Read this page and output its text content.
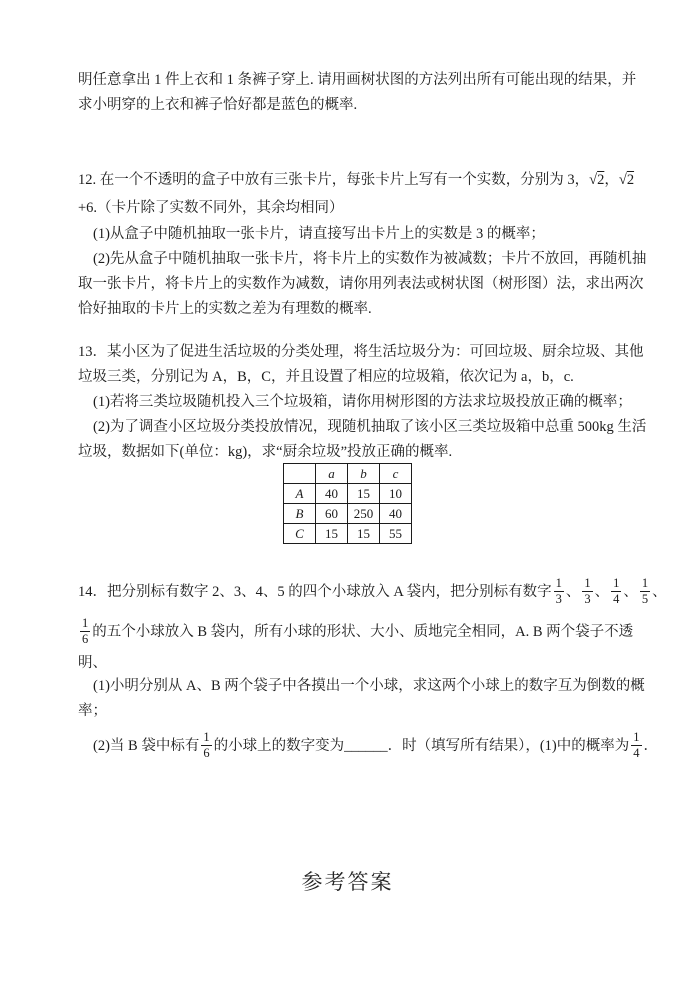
明任意拿出 1 件上衣和 1 条裤子穿上. 请用画树状图的方法列出所有可能出现的结果，并
求小明穿的上衣和裤子恰好都是蓝色的概率.
12. 在一个不透明的盒子中放有三张卡片，每张卡片上写有一个实数，分别为 3，√2，√2
+6.（卡片除了实数不同外，其余均相同）
(1)从盒子中随机抽取一张卡片，请直接写出卡片上的实数是 3 的概率；
(2)先从盒子中随机抽取一张卡片，将卡片上的实数作为被减数；卡片不放回，再随机抽
取一张卡片，将卡片上的实数作为减数，请你用列表法或树状图（树形图）法，求出两次
恰好抽取的卡片上的实数之差为有理数的概率.
13．某小区为了促进生活垃圾的分类处理，将生活垃圾分为：可回垃圾、厨余垃圾、其他
垃圾三类，分别记为 A，B，C，并且设置了相应的垃圾箱，依次记为 a，b，c.
(1)若将三类垃圾随机投入三个垃圾箱，请你用树形图的方法求垃圾投放正确的概率；
(2)为了调查小区垃圾分类投放情况，现随机抽取了该小区三类垃圾箱中总重 500kg 生活
垃圾，数据如下(单位：kg)，求“厨余垃圾”投放正确的概率.
	a	b	c
A	40	15	10
B	60	250	40
C	15	15	55
14．把分别标有数字 2、3、4、5 的四个小球放入 A 袋内，把分别标有数字 $\frac{1}{3}$ 、 $\frac{1}{3}$ 、 $\frac{1}{4}$ 、 $\frac{1}{5}$ 、
$\frac{1}{6}$ 的五个小球放入 B 袋内，所有小球的形状、大小、质地完全相同，A. B 两个袋子不透
明、
(1)小明分别从 A、B 两个袋子中各摸出一个小球，求这两个小球上的数字互为倒数的概
率；
(2)当 B 袋中标有 $\frac{1}{6}$ 的小球上的数字变为______．时（填写所有结果），(1)中的概率为 $\frac{1}{4}$ ．
参考答案
